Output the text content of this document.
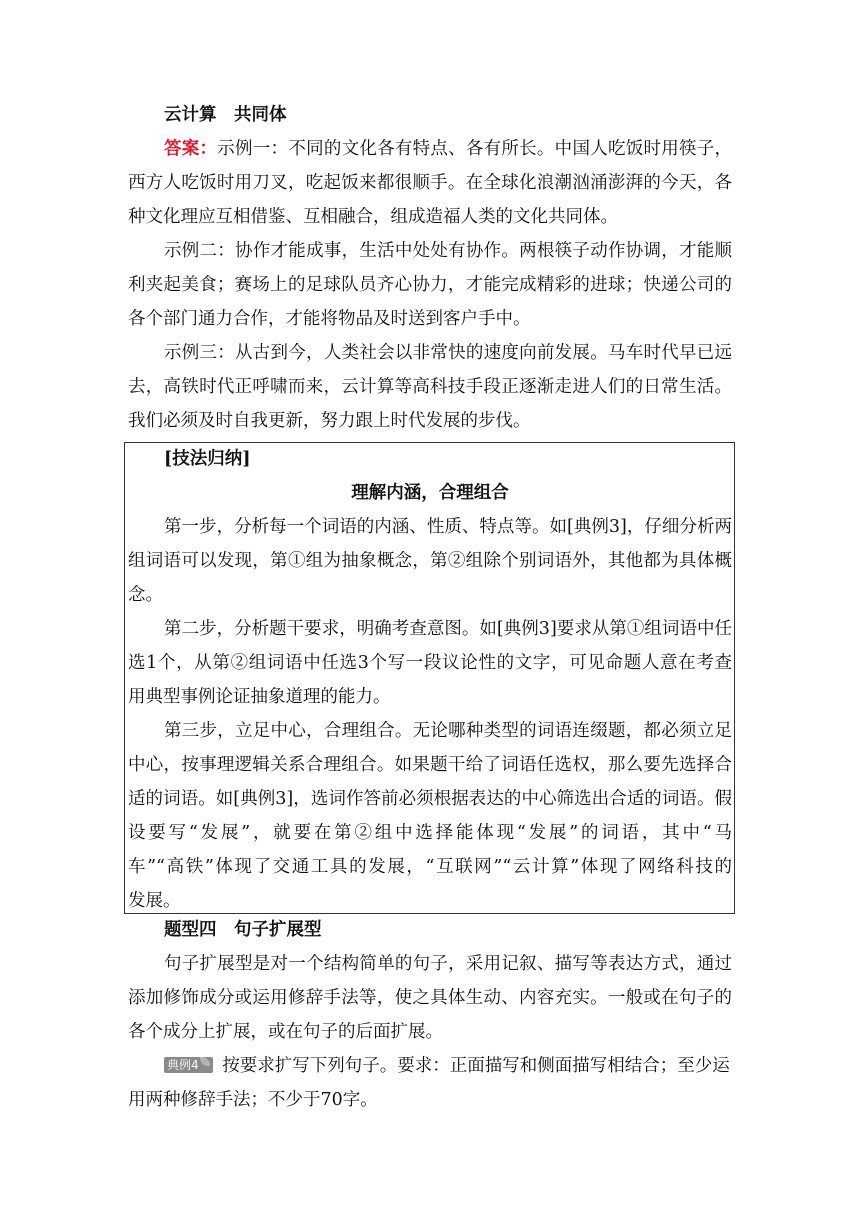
云计算　共同体
答案：示例一：不同的文化各有特点、各有所长。中国人吃饭时用筷子，
西方人吃饭时用刀叉，吃起饭来都很顺手。在全球化浪潮汹涌澎湃的今天，各
种文化理应互相借鉴、互相融合，组成造福人类的文化共同体。
示例二：协作才能成事，生活中处处有协作。两根筷子动作协调，才能顺
利夹起美食；赛场上的足球队员齐心协力，才能完成精彩的进球；快递公司的
各个部门通力合作，才能将物品及时送到客户手中。
示例三：从古到今，人类社会以非常快的速度向前发展。马车时代早已远
去，高铁时代正呼啸而来，云计算等高科技手段正逐渐走进人们的日常生活。
我们必须及时自我更新，努力跟上时代发展的步伐。
[技法归纳]
理解内涵，合理组合
第一步，分析每一个词语的内涵、性质、特点等。如[典例3]，仔细分析两
组词语可以发现，第①组为抽象概念，第②组除个别词语外，其他都为具体概
念。
第二步，分析题干要求，明确考查意图。如[典例3]要求从第①组词语中任
选1个，从第②组词语中任选3个写一段议论性的文字，可见命题人意在考查
用典型事例论证抽象道理的能力。
第三步，立足中心，合理组合。无论哪种类型的词语连缀题，都必须立足
中心，按事理逻辑关系合理组合。如果题干给了词语任选权，那么要先选择合
适的词语。如[典例3]，选词作答前必须根据表达的中心筛选出合适的词语。假
设要写“发展”，就要在第②组中选择能体现“发展”的词语，其中“马
车”“高铁”体现了交通工具的发展，“互联网”“云计算”体现了网络科技的
发展。
题型四　句子扩展型
句子扩展型是对一个结构简单的句子，采用记叙、描写等表达方式，通过
添加修饰成分或运用修辞手法等，使之具体生动、内容充实。一般或在句子的
各个成分上扩展，或在句子的后面扩展。
典例4 按要求扩写下列句子。要求：正面描写和侧面描写相结合；至少运
用两种修辞手法；不少于70字。
